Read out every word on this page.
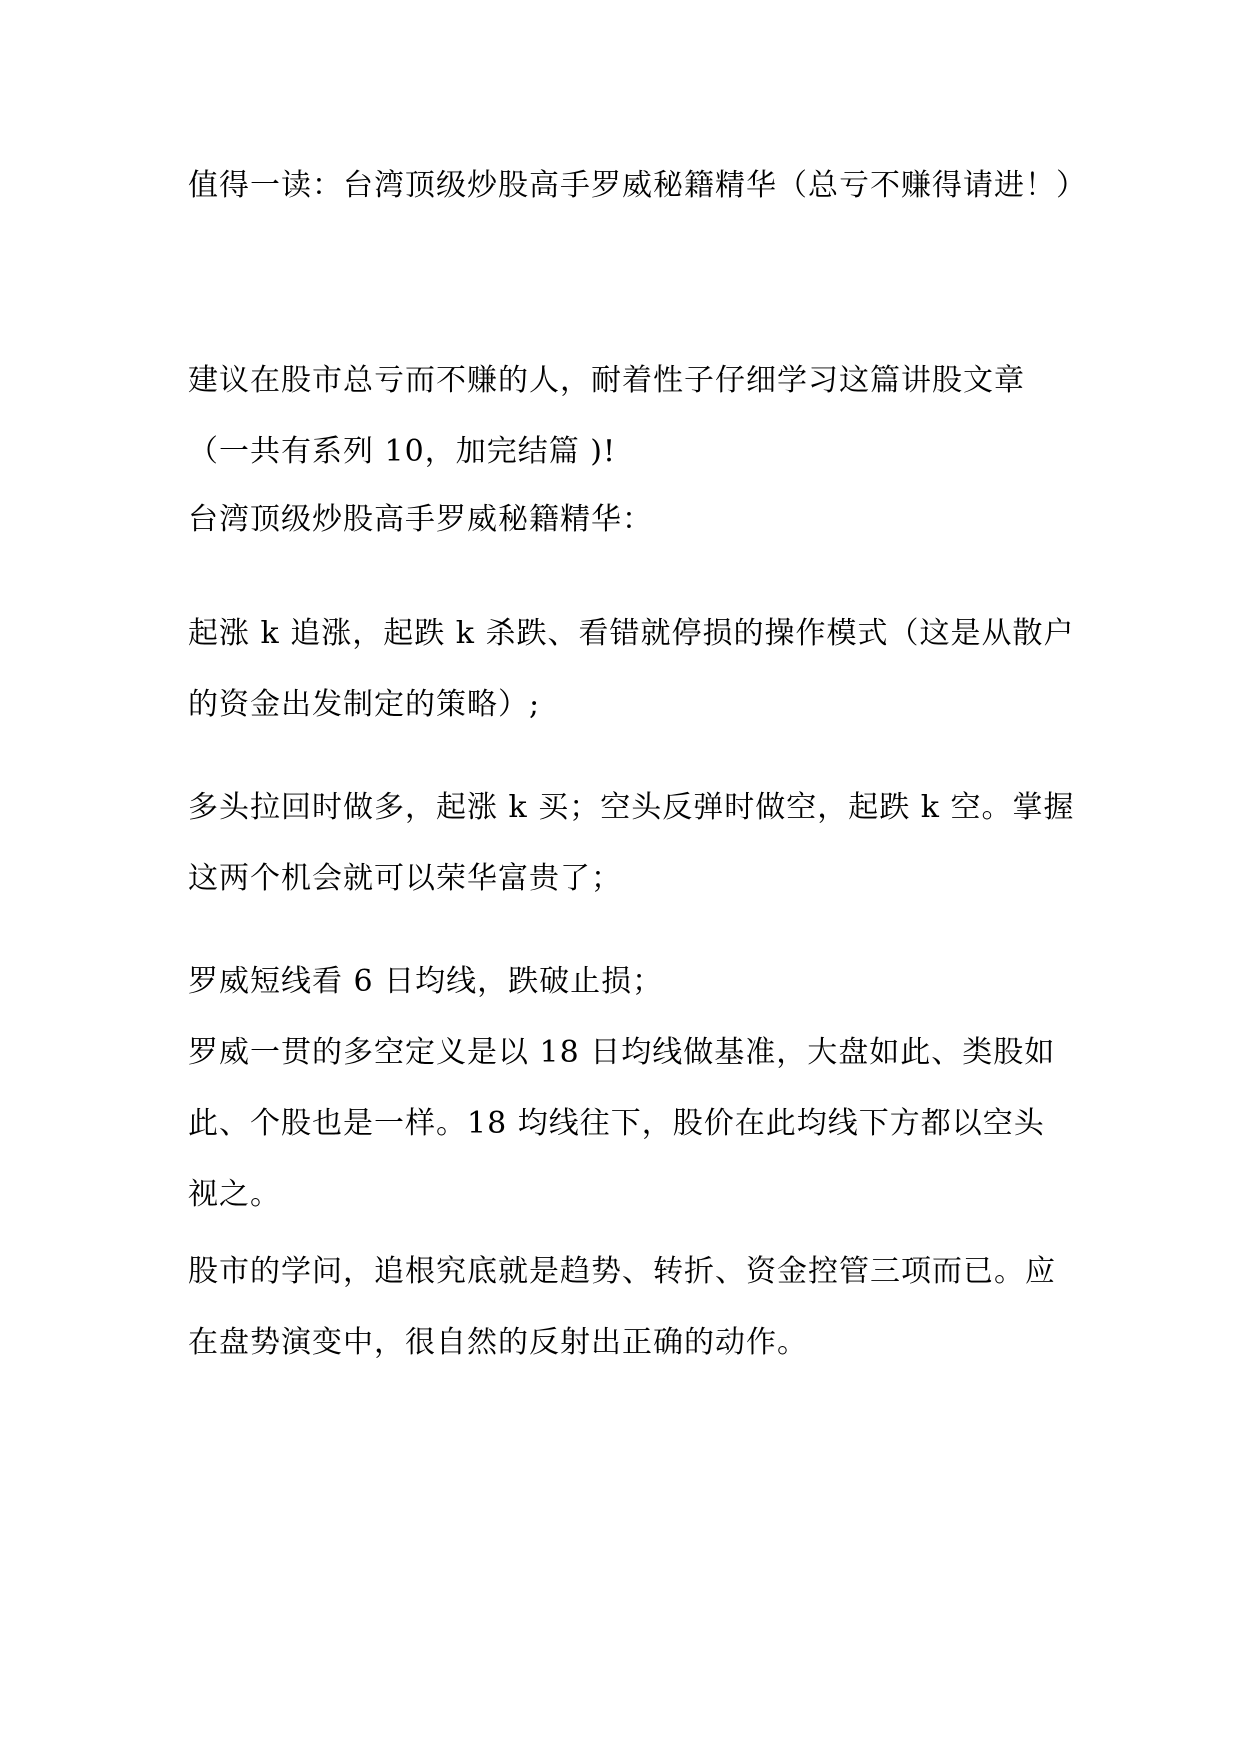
值得一读：台湾顶级炒股高手罗威秘籍精华（总亏不赚得请进！）
建议在股市总亏而不赚的人，耐着性子仔细学习这篇讲股文章
（一共有系列 10，加完结篇 )!
台湾顶级炒股高手罗威秘籍精华：
起涨 k 追涨，起跌 k 杀跌、看错就停损的操作模式（这是从散户
的资金出发制定的策略）;
多头拉回时做多，起涨 k 买；空头反弹时做空，起跌 k 空。掌握
这两个机会就可以荣华富贵了；
罗威短线看 6 日均线，跌破止损；
罗威一贯的多空定义是以 18 日均线做基准，大盘如此、类股如
此、个股也是一样。18 均线往下，股价在此均线下方都以空头
视之。
股市的学问，追根究底就是趋势、转折、资金控管三项而已。应
在盘势演变中，很自然的反射出正确的动作。
